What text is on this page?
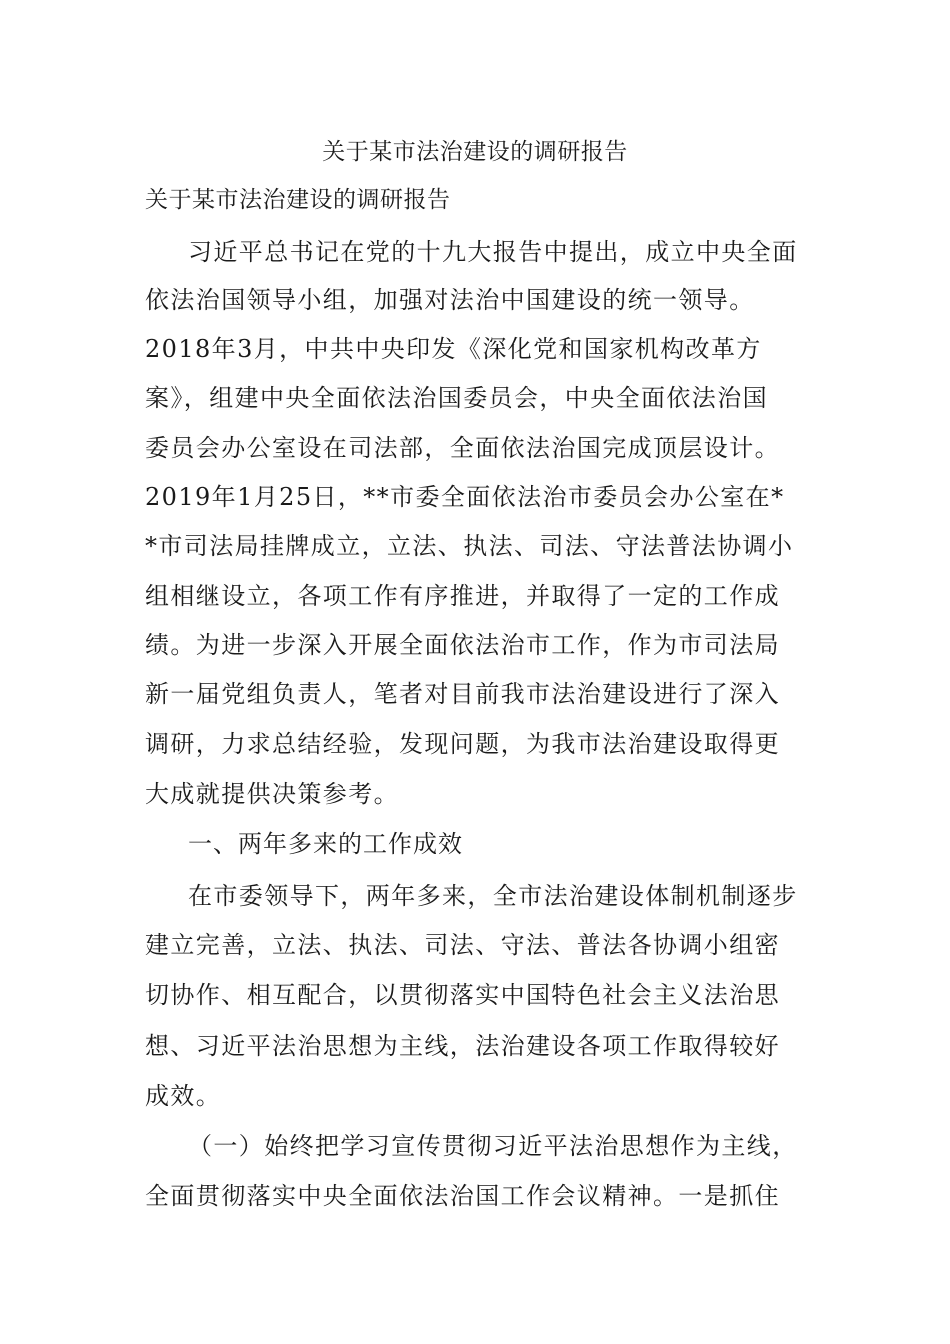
关于某市法治建设的调研报告
关于某市法治建设的调研报告
习近平总书记在党的十九大报告中提出，成立中央全面
依法治国领导小组，加强对法治中国建设的统一领导。
2018年3月，中共中央印发《深化党和国家机构改革方
案》，组建中央全面依法治国委员会，中央全面依法治国
委员会办公室设在司法部，全面依法治国完成顶层设计。
2019年1月25日，**市委全面依法治市委员会办公室在*
*市司法局挂牌成立，立法、执法、司法、守法普法协调小
组相继设立，各项工作有序推进，并取得了一定的工作成
绩。为进一步深入开展全面依法治市工作，作为市司法局
新一届党组负责人，笔者对目前我市法治建设进行了深入
调研，力求总结经验，发现问题，为我市法治建设取得更
大成就提供决策参考。
一、两年多来的工作成效
在市委领导下，两年多来，全市法治建设体制机制逐步
建立完善，立法、执法、司法、守法、普法各协调小组密
切协作、相互配合，以贯彻落实中国特色社会主义法治思
想、习近平法治思想为主线，法治建设各项工作取得较好
成效。
（一）始终把学习宣传贯彻习近平法治思想作为主线，
全面贯彻落实中央全面依法治国工作会议精神。一是抓住
